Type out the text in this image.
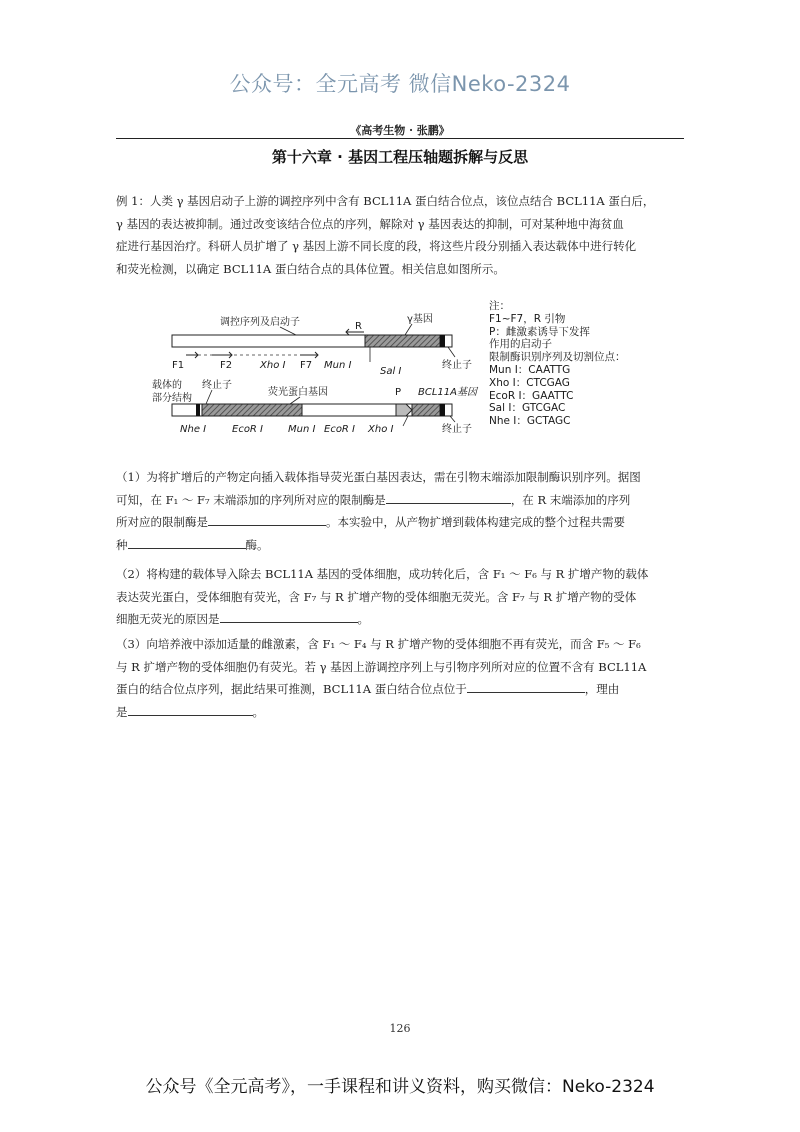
公众号：全元高考 微信Neko-2324
《高考生物 · 张鹏》
第十六章 · 基因工程压轴题拆解与反思
例 1：人类 γ 基因启动子上游的调控序列中含有 BCL11A 蛋白结合位点，该位点结合 BCL11A 蛋白后，
γ 基因的表达被抑制。通过改变该结合位点的序列，解除对 γ 基因表达的抑制，可对某种地中海贫血
症进行基因治疗。科研人员扩增了 γ 基因上游不同长度的段，将这些片段分别插入表达载体中进行转化
和荧光检测，以确定 BCL11A 蛋白结合点的具体位置。相关信息如图所示。
调控序列及启动子	γ基因
R
F1	F2	Xho I F7 Mun I
Sal I
终止子
载体的
部分结构
终止子
荧光蛋白基因	P BCL11A基因
Nhe I	EcoR I Mun I EcoR I Xho I	终止子
注：
F1~F7，R 引物
P：雌激素诱导下发挥
作用的启动子
限制酶识别序列及切割位点：
Mun I：CAATTG
Xho I：CTCGAG
EcoR I：GAATTC
Sal I：GTCGAC
Nhe I：GCTAGC
（1）为将扩增后的产物定向插入载体指导荧光蛋白基因表达，需在引物末端添加限制酶识别序列。据图
可知，在 F₁ ～ F₇ 末端添加的序列所对应的限制酶是	，在 R 末端添加的序列
所对应的限制酶是	。本实验中，从产物扩增到载体构建完成的整个过程共需要
种	酶。
（2）将构建的载体导入除去 BCL11A 基因的受体细胞，成功转化后，含 F₁ ～ F₆ 与 R 扩增产物的载体
表达荧光蛋白，受体细胞有荧光，含 F₇ 与 R 扩增产物的受体细胞无荧光。含 F₇ 与 R 扩增产物的受体
细胞无荧光的原因是	。
（3）向培养液中添加适量的雌激素，含 F₁ ～ F₄ 与 R 扩增产物的受体细胞不再有荧光，而含 F₅ ～ F₆
与 R 扩增产物的受体细胞仍有荧光。若 γ 基因上游调控序列上与引物序列所对应的位置不含有 BCL11A
蛋白的结合位点序列，据此结果可推测，BCL11A 蛋白结合位点位于	，理由
是	。
126
公众号《全元高考》，一手课程和讲义资料，购买微信：Neko-2324
